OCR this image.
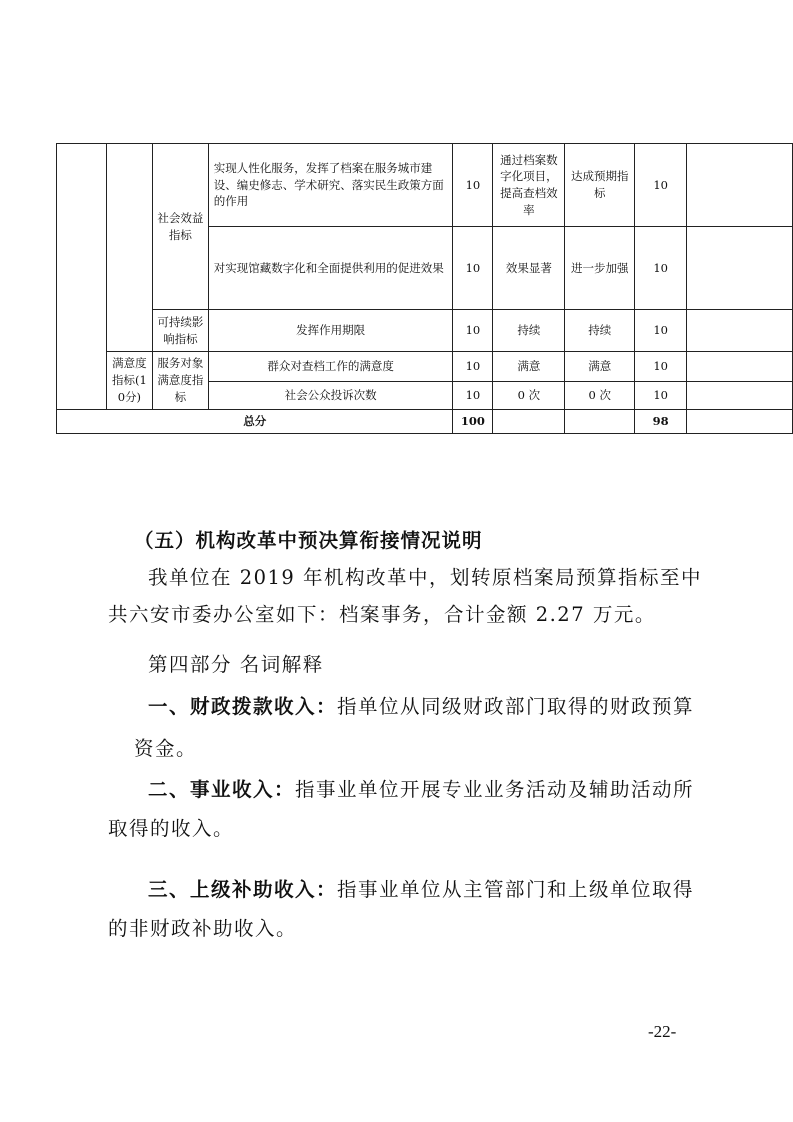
		社会效益指标	实现人性化服务，发挥了档案在服务城市建设、编史修志、学术研究、落实民生政策方面的作用	10	通过档案数字化项目，提高查档效率	达成预期指标	10	
			对实现馆藏数字化和全面提供利用的促进效果	10	效果显著	进一步加强	10	
		可持续影响指标	发挥作用期限	10	持续	持续	10	
	满意度指标(10分)	服务对象满意度指标	群众对查档工作的满意度	10	满意	满意	10	
			社会公众投诉次数	10	0 次	0 次	10	
总分				100			98	
（五）机构改革中预决算衔接情况说明
我单位在 2019 年机构改革中，划转原档案局预算指标至中
共六安市委办公室如下：档案事务，合计金额 2.27 万元。
第四部分 名词解释
一、财政拨款收入：指单位从同级财政部门取得的财政预算
资金。
二、事业收入：指事业单位开展专业业务活动及辅助活动所
取得的收入。
三、上级补助收入：指事业单位从主管部门和上级单位取得
的非财政补助收入。
-22-
